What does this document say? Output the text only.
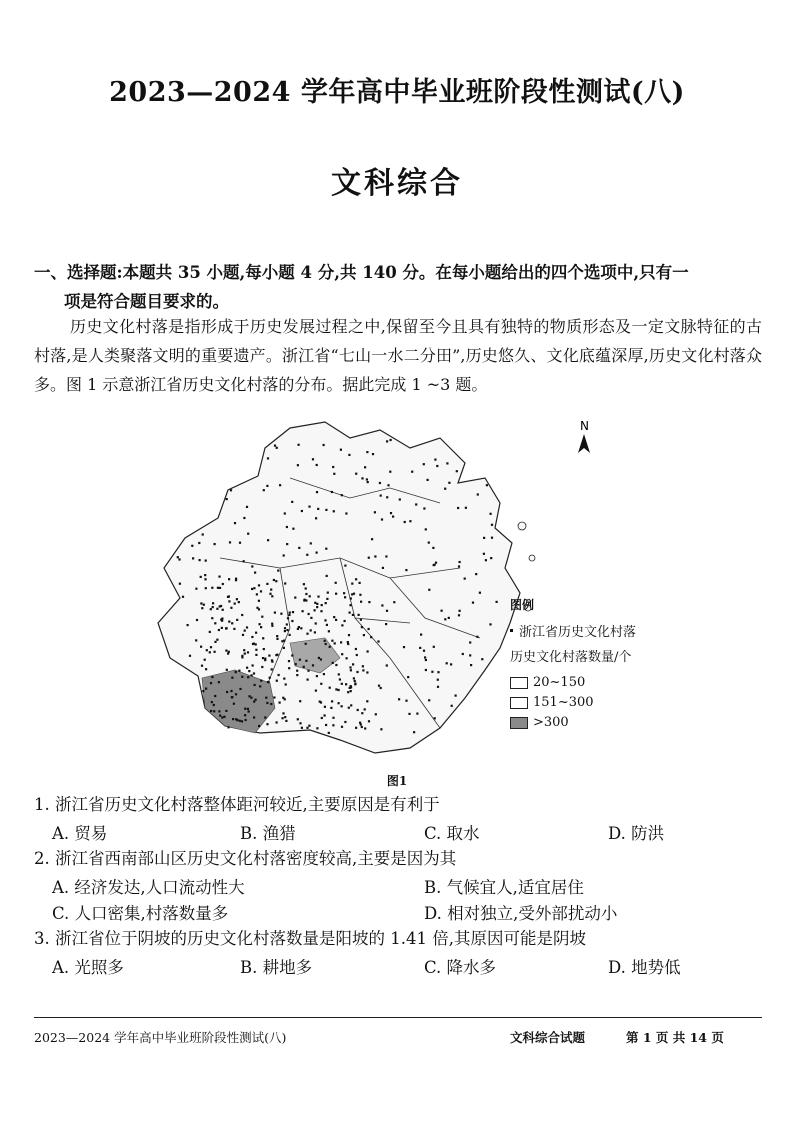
2023—2024 学年高中毕业班阶段性测试(八)
文科综合
一、选择题:本题共 35 小题,每小题 4 分,共 140 分。在每小题给出的四个选项中,只有一
项是符合题目要求的。
历史文化村落是指形成于历史发展过程之中,保留至今且具有独特的物质形态及一定文脉特征的古村落,是人类聚落文明的重要遗产。浙江省“七山一水二分田”,历史悠久、文化底蕴深厚,历史文化村落众多。图 1 示意浙江省历史文化村落的分布。据此完成 1 ~3 题。
N
图例
浙江省历史文化村落
历史文化村落数量/个
20~150
151~300
>300
图1
1. 浙江省历史文化村落整体距河较近,主要原因是有利于
A. 贸易	B. 渔猎	C. 取水	D. 防洪
2. 浙江省西南部山区历史文化村落密度较高,主要是因为其
A. 经济发达,人口流动性大	B. 气候宜人,适宜居住
C. 人口密集,村落数量多	D. 相对独立,受外部扰动小
3. 浙江省位于阴坡的历史文化村落数量是阳坡的 1.41 倍,其原因可能是阴坡
A. 光照多	B. 耕地多	C. 降水多	D. 地势低
2023—2024 学年高中毕业班阶段性测试(八)	文科综合试题	第 1 页 共 14 页
